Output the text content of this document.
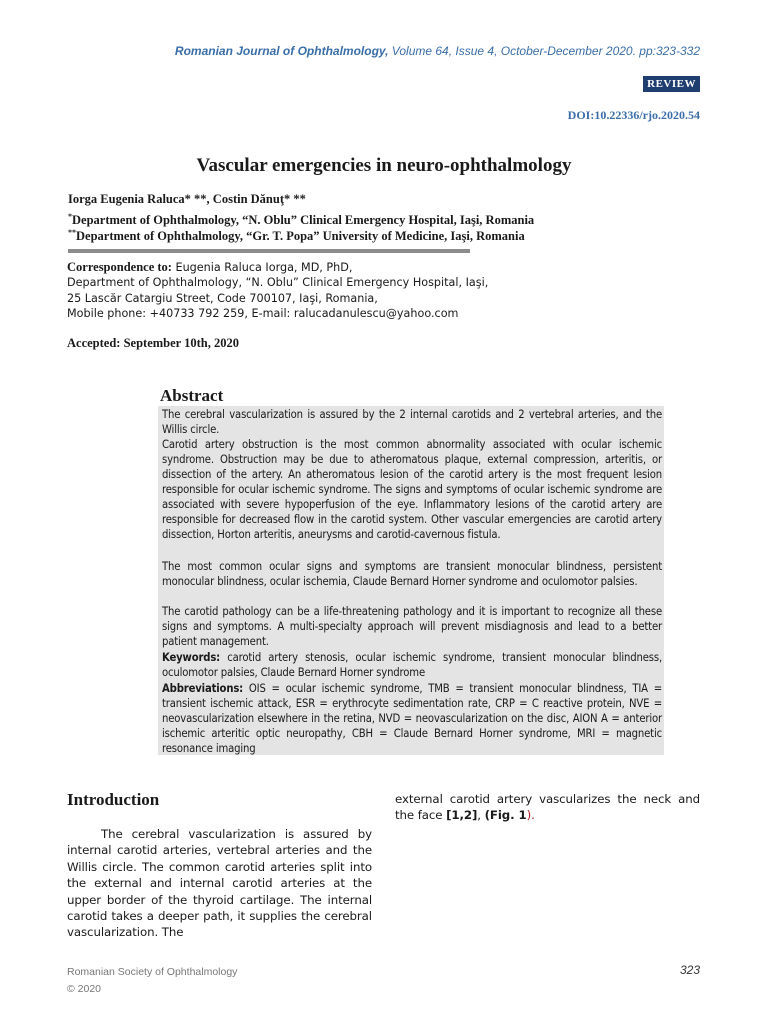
Romanian Journal of Ophthalmology, Volume 64, Issue 4, October-December 2020. pp:323-332
REVIEW
DOI:10.22336/rjo.2020.54
Vascular emergencies in neuro-ophthalmology
Iorga Eugenia Raluca* **, Costin Dănuţ* **
*Department of Ophthalmology, “N. Oblu” Clinical Emergency Hospital, Iaşi, Romania
**Department of Ophthalmology, “Gr. T. Popa” University of Medicine, Iaşi, Romania
Correspondence to: Eugenia Raluca Iorga, MD, PhD,
Department of Ophthalmology, “N. Oblu” Clinical Emergency Hospital, Iaşi,
25 Lascăr Catargiu Street, Code 700107, Iaşi, Romania,
Mobile phone: +40733 792 259, E-mail: ralucadanulescu@yahoo.com
Accepted: September 10th, 2020
Abstract
The cerebral vascularization is assured by the 2 internal carotids and 2 vertebral arteries, and the Willis circle.
Carotid artery obstruction is the most common abnormality associated with ocular ischemic syndrome. Obstruction may be due to atheromatous plaque, external compression, arteritis, or dissection of the artery. An atheromatous lesion of the carotid artery is the most frequent lesion responsible for ocular ischemic syndrome. The signs and symptoms of ocular ischemic syndrome are associated with severe hypoperfusion of the eye. Inflammatory lesions of the carotid artery are responsible for decreased flow in the carotid system. Other vascular emergencies are carotid artery dissection, Horton arteritis, aneurysms and carotid-cavernous fistula.
The most common ocular signs and symptoms are transient monocular blindness, persistent monocular blindness, ocular ischemia, Claude Bernard Horner syndrome and oculomotor palsies.
The carotid pathology can be a life-threatening pathology and it is important to recognize all these signs and symptoms. A multi-specialty approach will prevent misdiagnosis and lead to a better patient management.
Keywords: carotid artery stenosis, ocular ischemic syndrome, transient monocular blindness, oculomotor palsies, Claude Bernard Horner syndrome
Abbreviations: OIS = ocular ischemic syndrome, TMB = transient monocular blindness, TIA = transient ischemic attack, ESR = erythrocyte sedimentation rate, CRP = C reactive protein, NVE = neovascularization elsewhere in the retina, NVD = neovascularization on the disc, AION A = anterior ischemic arteritic optic neuropathy, CBH = Claude Bernard Horner syndrome, MRI = magnetic resonance imaging
Introduction
The cerebral vascularization is assured by internal carotid arteries, vertebral arteries and the Willis circle. The common carotid arteries split into the external and internal carotid arteries at the upper border of the thyroid cartilage. The internal carotid takes a deeper path, it supplies the cerebral vascularization. The
external carotid artery vascularizes the neck and the face [1,2], (Fig. 1).
Romanian Society of Ophthalmology
© 2020
323
